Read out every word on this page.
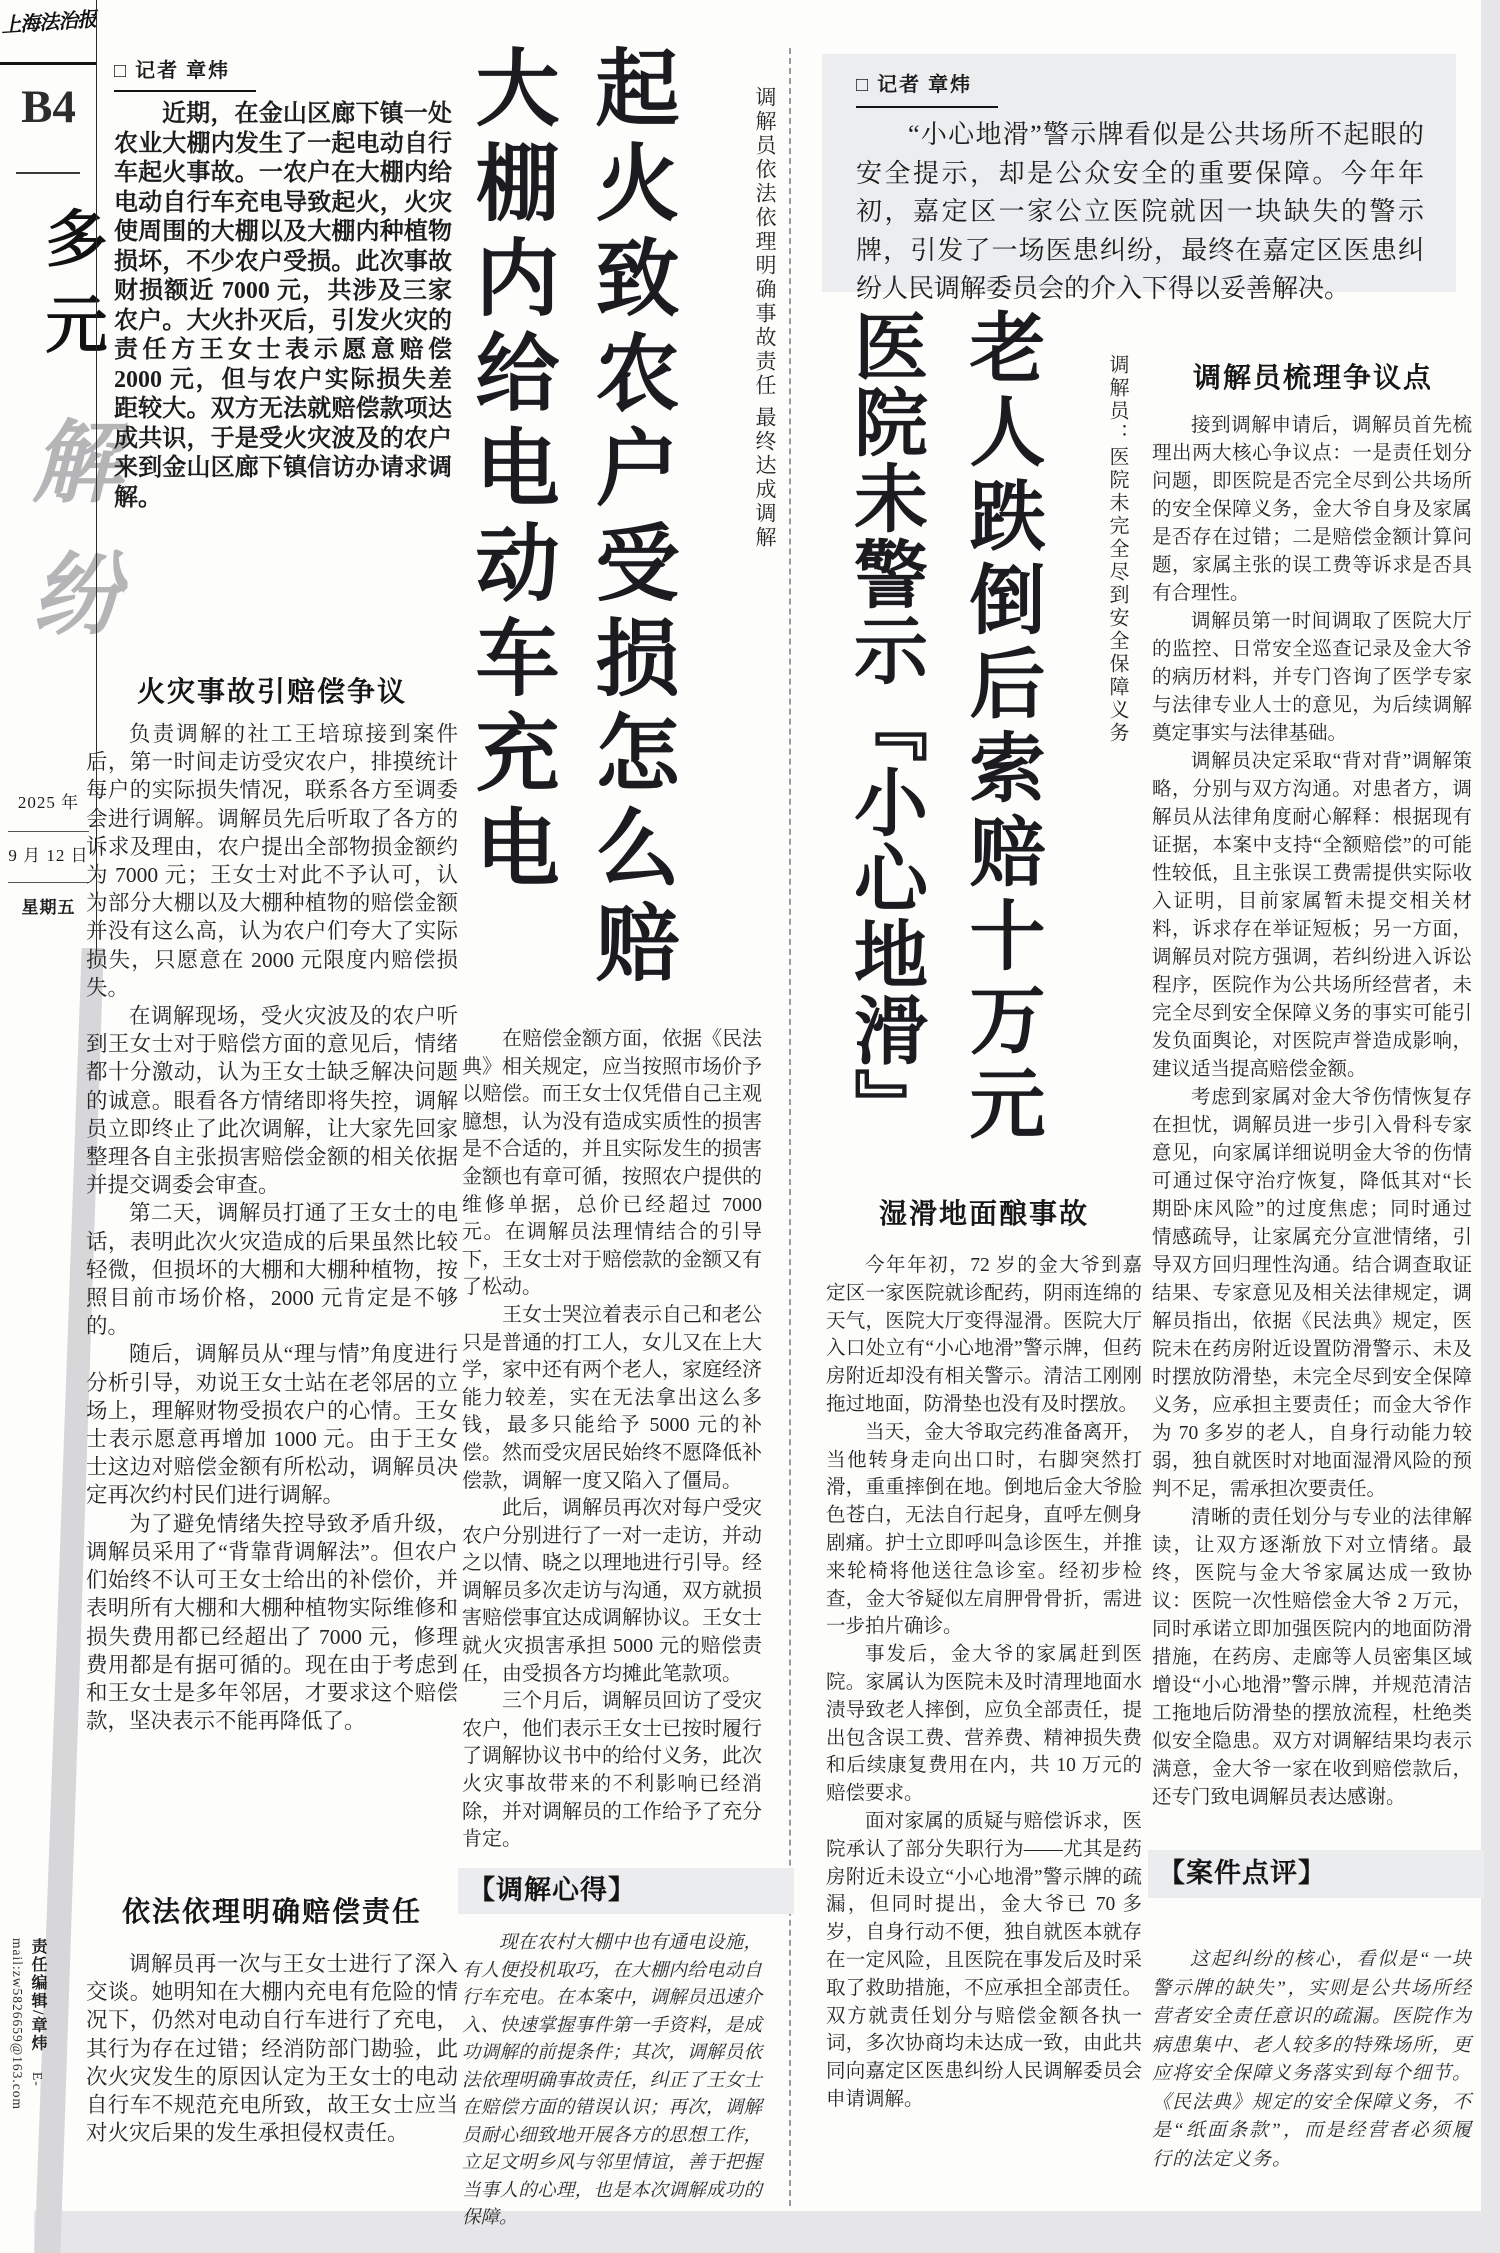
上海法治报
B4
多元
解纷
2025 年
9 月 12 日
星期五
责任编辑/章炜 E-mail:zw5826659@163.com
□ 记者 章炜
近期，在金山区廊下镇一处农业大棚内发生了一起电动自行车起火事故。一农户在大棚内给电动自行车充电导致起火，火灾使周围的大棚以及大棚内种植物损坏，不少农户受损。此次事故财损额近 7000 元，共涉及三家农户。大火扑灭后，引发火灾的责任方王女士表示愿意赔偿 2000 元，但与农户实际损失差距较大。双方无法就赔偿款项达成共识，于是受火灾波及的农户来到金山区廊下镇信访办请求调解。
火灾事故引赔偿争议

负责调解的社工王培琼接到案件后，第一时间走访受灾农户，排摸统计每户的实际损失情况，联系各方至调委会进行调解。调解员先后听取了各方的诉求及理由，农户提出全部物损金额约为 7000 元；王女士对此不予认可，认为部分大棚以及大棚种植物的赔偿金额并没有这么高，认为农户们夸大了实际损失，只愿意在 2000 元限度内赔偿损失。

在调解现场，受火灾波及的农户听到王女士对于赔偿方面的意见后，情绪都十分激动，认为王女士缺乏解决问题的诚意。眼看各方情绪即将失控，调解员立即终止了此次调解，让大家先回家整理各自主张损害赔偿金额的相关依据并提交调委会审查。

第二天，调解员打通了王女士的电话，表明此次火灾造成的后果虽然比较轻微，但损坏的大棚和大棚种植物，按照目前市场价格，2000 元肯定是不够的。

随后，调解员从“理与情”角度进行分析引导，劝说王女士站在老邻居的立场上，理解财物受损农户的心情。王女士表示愿意再增加 1000 元。由于王女士这边对赔偿金额有所松动，调解员决定再次约村民们进行调解。

为了避免情绪失控导致矛盾升级，调解员采用了“背靠背调解法”。但农户们始终不认可王女士给出的补偿价，并表明所有大棚和大棚种植物实际维修和损失费用都已经超出了 7000 元，修理费用都是有据可循的。现在由于考虑到和王女士是多年邻居，才要求这个赔偿款，坚决表示不能再降低了。

依法依理明确赔偿责任

调解员再一次与王女士进行了深入交谈。她明知在大棚内充电有危险的情况下，仍然对电动自行车进行了充电，其行为存在过错；经消防部门勘验，此次火灾发生的原因认定为王女士的电动自行车不规范充电所致，故王女士应当对火灾后果的发生承担侵权责任。

大棚内给电动车充电 起火致农户受损怎么赔	调解员依法依理明确事故责任 最终达成调解

在赔偿金额方面，依据《民法典》相关规定，应当按照市场价予以赔偿。而王女士仅凭借自己主观臆想，认为没有造成实质性的损害是不合适的，并且实际发生的损害金额也有章可循，按照农户提供的维修单据，总价已经超过 7000 元。在调解员法理情结合的引导下，王女士对于赔偿款的金额又有了松动。

王女士哭泣着表示自己和老公只是普通的打工人，女儿又在上大学，家中还有两个老人，家庭经济能力较差，实在无法拿出这么多钱，最多只能给予 5000 元的补偿。然而受灾居民始终不愿降低补偿款，调解一度又陷入了僵局。

此后，调解员再次对每户受灾农户分别进行了一对一走访，并动之以情、晓之以理地进行引导。经调解员多次走访与沟通，双方就损害赔偿事宜达成调解协议。王女士就火灾损害承担 5000 元的赔偿责任，由受损各方均摊此笔款项。

三个月后，调解员回访了受灾农户，他们表示王女士已按时履行了调解协议书中的给付义务，此次火灾事故带来的不利影响已经消除，并对调解员的工作给予了充分肯定。

【调解心得】
现在农村大棚中也有通电设施，有人便投机取巧，在大棚内给电动自行车充电。在本案中，调解员迅速介入、快速掌握事件第一手资料，是成功调解的前提条件；其次，调解员依法依理明确事故责任，纠正了王女士在赔偿方面的错误认识；再次，调解员耐心细致地开展各方的思想工作，立足文明乡风与邻里情谊，善于把握当事人的心理，也是本次调解成功的保障。
□ 记者 章炜
“小心地滑”警示牌看似是公共场所不起眼的安全提示，却是公众安全的重要保障。今年年初，嘉定区一家公立医院就因一块缺失的警示牌，引发了一场医患纠纷，最终在嘉定区医患纠纷人民调解委员会的介入下得以妥善解决。
医院未警示『小心地滑』 老人跌倒后索赔十万元	调解员：医院未完全尽到安全保障义务
湿滑地面酿事故

今年年初，72 岁的金大爷到嘉定区一家医院就诊配药，阴雨连绵的天气，医院大厅变得湿滑。医院大厅入口处立有“小心地滑”警示牌，但药房附近却没有相关警示。清洁工刚刚拖过地面，防滑垫也没有及时摆放。

当天，金大爷取完药准备离开，当他转身走向出口时，右脚突然打滑，重重摔倒在地。倒地后金大爷脸色苍白，无法自行起身，直呼左侧身剧痛。护士立即呼叫急诊医生，并推来轮椅将他送往急诊室。经初步检查，金大爷疑似左肩胛骨骨折，需进一步拍片确诊。

事发后，金大爷的家属赶到医院。家属认为医院未及时清理地面水渍导致老人摔倒，应负全部责任，提出包含误工费、营养费、精神损失费和后续康复费用在内，共 10 万元的赔偿要求。

面对家属的质疑与赔偿诉求，医院承认了部分失职行为——尤其是药房附近未设立“小心地滑”警示牌的疏漏，但同时提出，金大爷已 70 多岁，自身行动不便，独自就医本就存在一定风险，且医院在事发后及时采取了救助措施，不应承担全部责任。双方就责任划分与赔偿金额各执一词，多次协商均未达成一致，由此共同向嘉定区医患纠纷人民调解委员会申请调解。

调解员梳理争议点

接到调解申请后，调解员首先梳理出两大核心争议点：一是责任划分问题，即医院是否完全尽到公共场所的安全保障义务，金大爷自身及家属是否存在过错；二是赔偿金额计算问题，家属主张的误工费等诉求是否具有合理性。

调解员第一时间调取了医院大厅的监控、日常安全巡查记录及金大爷的病历材料，并专门咨询了医学专家与法律专业人士的意见，为后续调解奠定事实与法律基础。

调解员决定采取“背对背”调解策略，分别与双方沟通。对患者方，调解员从法律角度耐心解释：根据现有证据，本案中支持“全额赔偿”的可能性较低，且主张误工费需提供实际收入证明，目前家属暂未提交相关材料，诉求存在举证短板；另一方面，调解员对院方强调，若纠纷进入诉讼程序，医院作为公共场所经营者，未完全尽到安全保障义务的事实可能引发负面舆论，对医院声誉造成影响，建议适当提高赔偿金额。

考虑到家属对金大爷伤情恢复存在担忧，调解员进一步引入骨科专家意见，向家属详细说明金大爷的伤情可通过保守治疗恢复，降低其对“长期卧床风险”的过度焦虑；同时通过情感疏导，让家属充分宣泄情绪，引导双方回归理性沟通。结合调查取证结果、专家意见及相关法律规定，调解员指出，依据《民法典》规定，医院未在药房附近设置防滑警示、未及时摆放防滑垫，未完全尽到安全保障义务，应承担主要责任；而金大爷作为 70 多岁的老人，自身行动能力较弱，独自就医时对地面湿滑风险的预判不足，需承担次要责任。

清晰的责任划分与专业的法律解读，让双方逐渐放下对立情绪。最终，医院与金大爷家属达成一致协议：医院一次性赔偿金大爷 2 万元，同时承诺立即加强医院内的地面防滑措施，在药房、走廊等人员密集区域增设“小心地滑”警示牌，并规范清洁工拖地后防滑垫的摆放流程，杜绝类似安全隐患。双方对调解结果均表示满意，金大爷一家在收到赔偿款后，还专门致电调解员表达感谢。

【案件点评】
这起纠纷的核心，看似是“一块警示牌的缺失”，实则是公共场所经营者安全责任意识的疏漏。医院作为病患集中、老人较多的特殊场所，更应将安全保障义务落实到每个细节。《民法典》规定的安全保障义务，不是“纸面条款”，而是经营者必须履行的法定义务。
